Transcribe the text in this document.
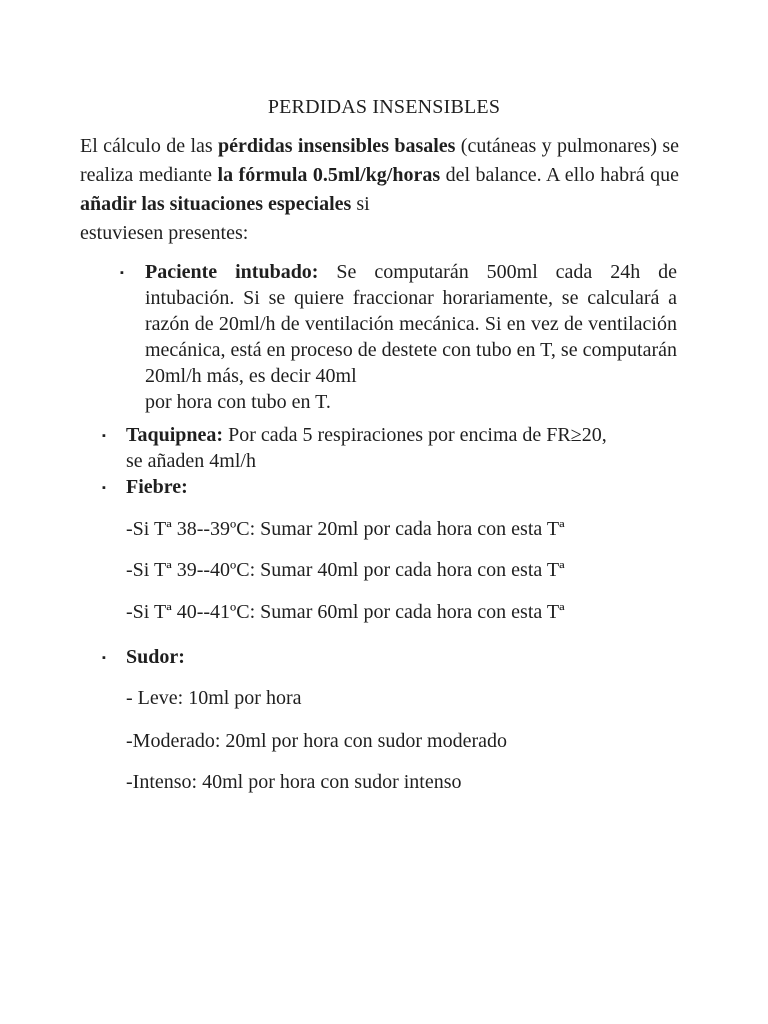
PERDIDAS INSENSIBLES

El cálculo de las pérdidas insensibles basales (cutáneas y pulmonares) se realiza mediante la fórmula 0.5ml/kg/horas del balance. A ello habrá que añadir las situaciones especiales si
estuviesen presentes:

▪ Paciente intubado: Se computarán 500ml cada 24h de intubación. Si se quiere fraccionar horariamente, se calculará a razón de 20ml/h de ventilación mecánica. Si en vez de ventilación mecánica, está en proceso de destete con tubo en T, se computarán 20ml/h más, es decir 40ml
por hora con tubo en T.
▪ Taquipnea: Por cada 5 respiraciones por encima de FR≥20,
se añaden 4ml/h
▪ Fiebre:
-Si Tª 38--39ºC: Sumar 20ml por cada hora con esta Tª
-Si Tª 39--40ºC: Sumar 40ml por cada hora con esta Tª
-Si Tª 40--41ºC: Sumar 60ml por cada hora con esta Tª
▪ Sudor:
- Leve: 10ml por hora
-Moderado: 20ml por hora con sudor moderado
-Intenso: 40ml por hora con sudor intenso
